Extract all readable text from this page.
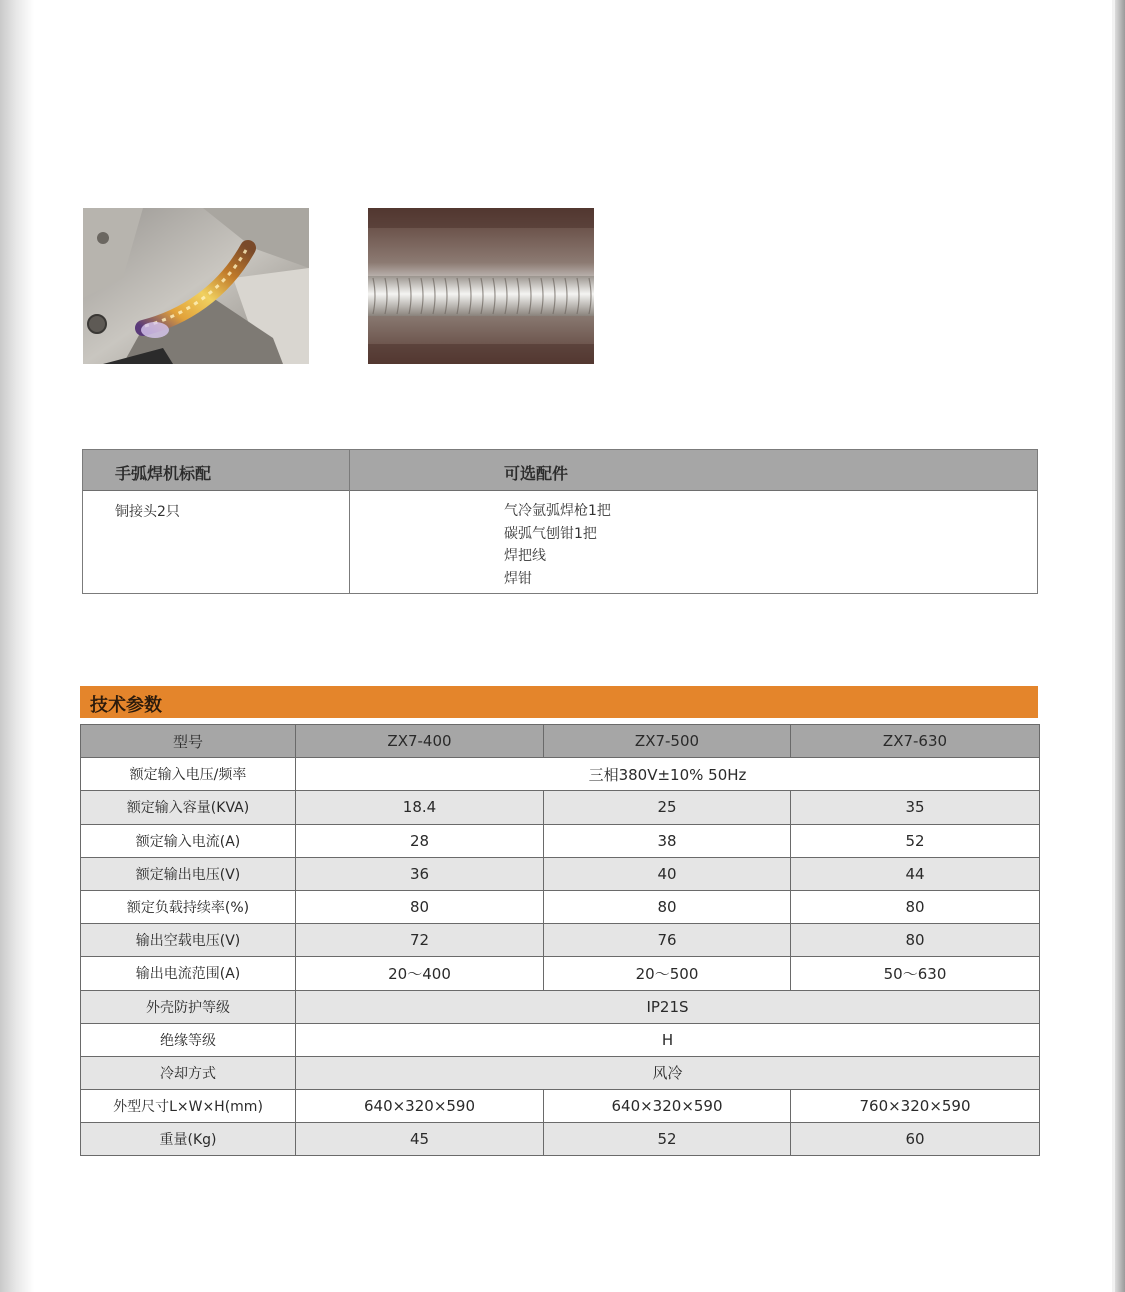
手弧焊机标配	可选配件
铜接头2只	气冷氩弧焊枪1把
碳弧气刨钳1把
焊把线
焊钳
技术参数
型号	ZX7-400	ZX7-500	ZX7-630
额定输入电压/频率	三相380V±10% 50Hz		
额定输入容量(KVA)	18.4	25	35
额定输入电流(A)	28	38	52
额定输出电压(V)	36	40	44
额定负载持续率(%)	80	80	80
输出空载电压(V)	72	76	80
输出电流范围(A)	20～400	20～500	50～630
外壳防护等级	IP21S		
绝缘等级	H		
冷却方式	风冷		
外型尺寸L×W×H(mm)	640×320×590	640×320×590	760×320×590
重量(Kg)	45	52	60
